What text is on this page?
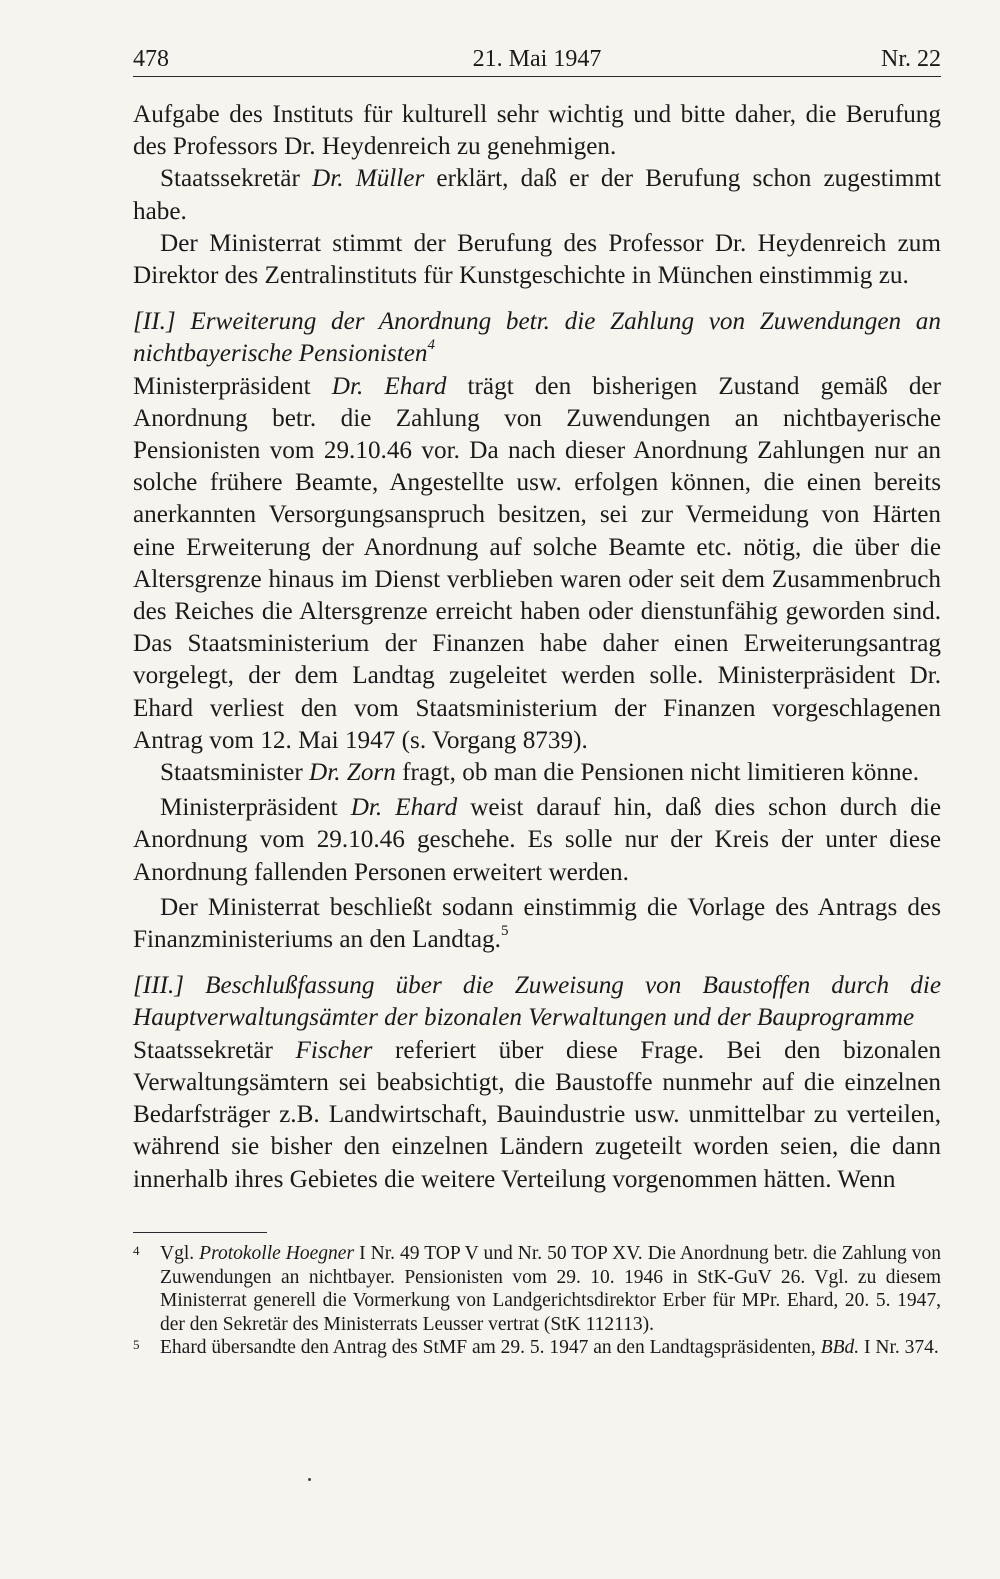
478	21. Mai 1947	Nr. 22

Aufgabe des Instituts für kulturell sehr wichtig und bitte daher, die Berufung des Professors Dr. Heydenreich zu genehmigen.

Staatssekretär Dr. Müller erklärt, daß er der Berufung schon zugestimmt habe.

Der Ministerrat stimmt der Berufung des Professor Dr. Heydenreich zum Direktor des Zentralinstituts für Kunstgeschichte in München einstimmig zu.

[II.] Erweiterung der Anordnung betr. die Zahlung von Zuwendungen an nichtbayerische Pensionisten$^4$

Ministerpräsident Dr. Ehard trägt den bisherigen Zustand gemäß der Anordnung betr. die Zahlung von Zuwendungen an nichtbayerische Pensionisten vom 29.10.46 vor. Da nach dieser Anordnung Zahlungen nur an solche frühere Beamte, Angestellte usw. erfolgen können, die einen bereits anerkannten Versorgungsanspruch besitzen, sei zur Vermeidung von Härten eine Erweiterung der Anordnung auf solche Beamte etc. nötig, die über die Altersgrenze hinaus im Dienst verblieben waren oder seit dem Zusammenbruch des Reiches die Altersgrenze erreicht haben oder dienstunfähig geworden sind. Das Staatsministerium der Finanzen habe daher einen Erweiterungsantrag vorgelegt, der dem Landtag zugeleitet werden solle. Ministerpräsident Dr. Ehard verliest den vom Staatsministerium der Finanzen vorgeschlagenen Antrag vom 12. Mai 1947 (s. Vorgang 8739).

Staatsminister Dr. Zorn fragt, ob man die Pensionen nicht limitieren könne.

Ministerpräsident Dr. Ehard weist darauf hin, daß dies schon durch die Anordnung vom 29.10.46 geschehe. Es solle nur der Kreis der unter diese Anordnung fallenden Personen erweitert werden.

Der Ministerrat beschließt sodann einstimmig die Vorlage des Antrags des Finanzministeriums an den Landtag.$^5$

[III.] Beschlußfassung über die Zuweisung von Baustoffen durch die Hauptverwaltungsämter der bizonalen Verwaltungen und der Bauprogramme

Staatssekretär Fischer referiert über diese Frage. Bei den bizonalen Verwaltungsämtern sei beabsichtigt, die Baustoffe nunmehr auf die einzelnen Bedarfsträger z.B. Landwirtschaft, Bauindustrie usw. unmittelbar zu verteilen, während sie bisher den einzelnen Ländern zugeteilt worden seien, die dann innerhalb ihres Gebietes die weitere Verteilung vorgenommen hätten. Wenn

4 Vgl. Protokolle Hoegner I Nr. 49 TOP V und Nr. 50 TOP XV. Die Anordnung betr. die Zahlung von Zuwendungen an nichtbayer. Pensionisten vom 29. 10. 1946 in StK-GuV 26. Vgl. zu diesem Ministerrat generell die Vormerkung von Landgerichtsdirektor Erber für MPr. Ehard, 20. 5. 1947, der den Sekretär des Ministerrats Leusser vertrat (StK 112113).

5 Ehard übersandte den Antrag des StMF am 29. 5. 1947 an den Landtagspräsidenten, BBd. I Nr. 374.
